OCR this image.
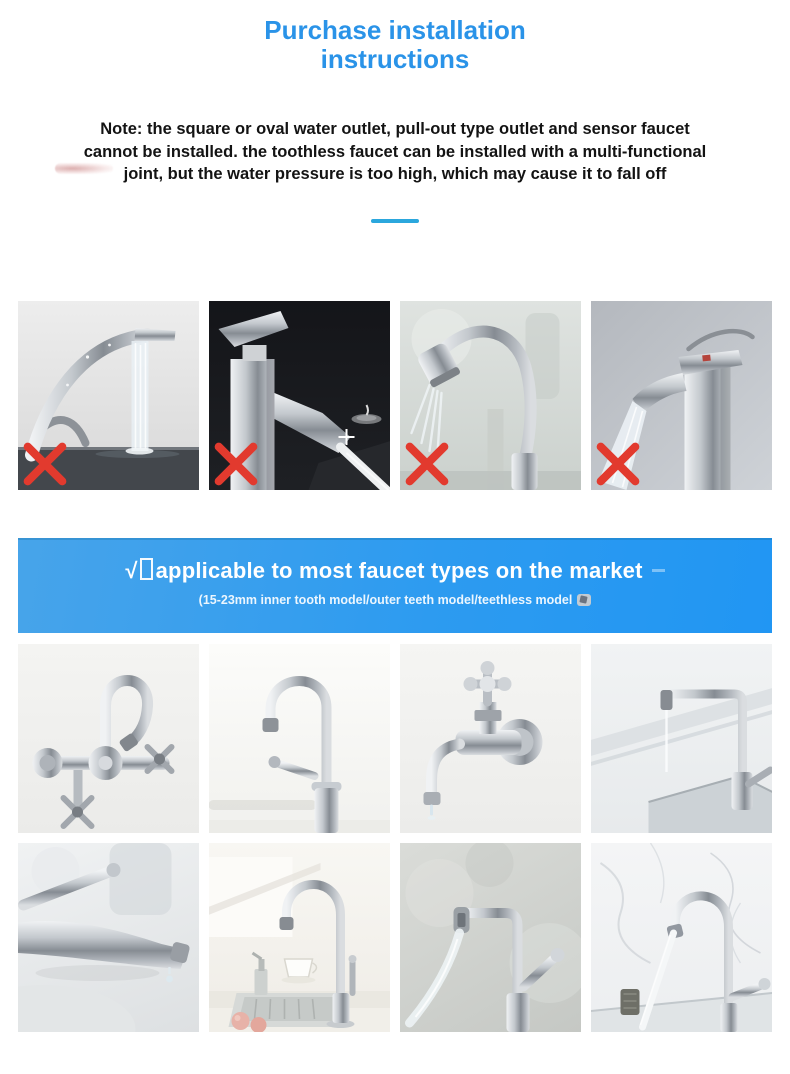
Purchase installation
instructions
Note: the square or oval water outlet, pull-out type outlet and sensor faucet
cannot be installed. the toothless faucet can be installed with a multi-functional
joint, but the water pressure is too high, which may cause it to fall off
√ applicable to most faucet types on the market
(15-23mm inner tooth model/outer teeth model/teethless model
